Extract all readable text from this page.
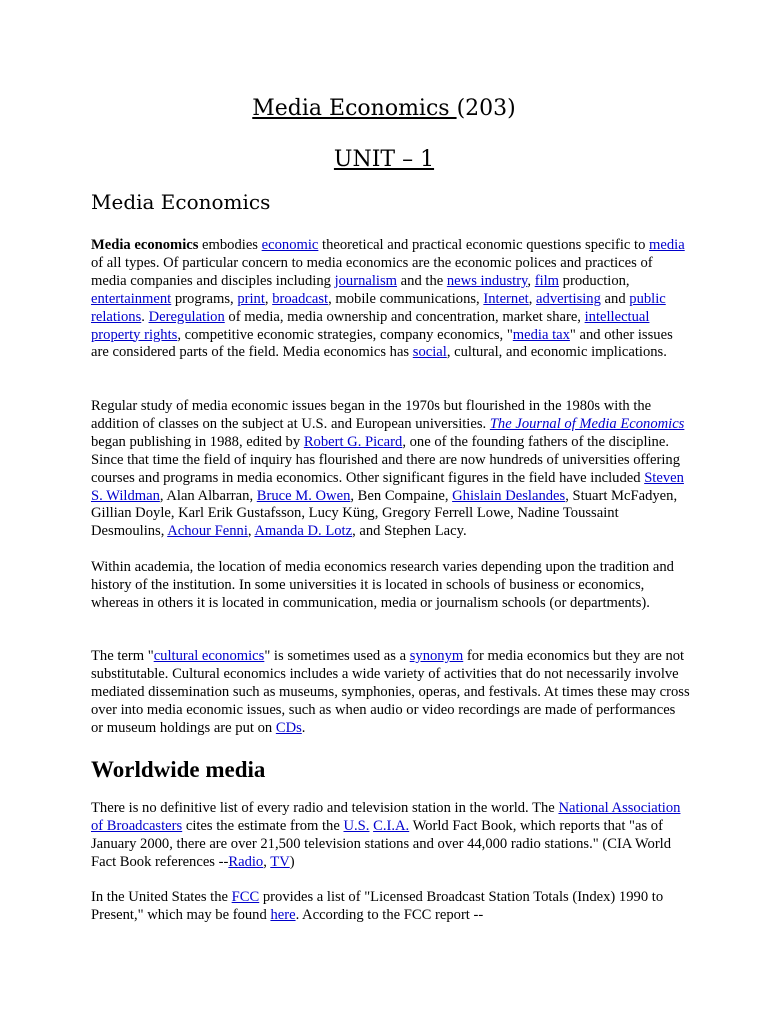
Media Economics (203)
UNIT – 1
Media Economics

Media economics embodies economic theoretical and practical economic questions specific to media of all types. Of particular concern to media economics are the economic polices and practices of media companies and disciples including journalism and the news industry, film production, entertainment programs, print, broadcast, mobile communications, Internet, advertising and public relations. Deregulation of media, media ownership and concentration, market share, intellectual property rights, competitive economic strategies, company economics, "media tax" and other issues are considered parts of the field. Media economics has social, cultural, and economic implications.

Regular study of media economic issues began in the 1970s but flourished in the 1980s with the addition of classes on the subject at U.S. and European universities. The Journal of Media Economics began publishing in 1988, edited by Robert G. Picard, one of the founding fathers of the discipline. Since that time the field of inquiry has flourished and there are now hundreds of universities offering courses and programs in media economics. Other significant figures in the field have included Steven S. Wildman, Alan Albarran, Bruce M. Owen, Ben Compaine, Ghislain Deslandes, Stuart McFadyen, Gillian Doyle, Karl Erik Gustafsson, Lucy Küng, Gregory Ferrell Lowe, Nadine Toussaint Desmoulins, Achour Fenni, Amanda D. Lotz, and Stephen Lacy.

Within academia, the location of media economics research varies depending upon the tradition and history of the institution. In some universities it is located in schools of business or economics, whereas in others it is located in communication, media or journalism schools (or departments).

The term "cultural economics" is sometimes used as a synonym for media economics but they are not substitutable. Cultural economics includes a wide variety of activities that do not necessarily involve mediated dissemination such as museums, symphonies, operas, and festivals. At times these may cross over into media economic issues, such as when audio or video recordings are made of performances or museum holdings are put on CDs.

Worldwide media

There is no definitive list of every radio and television station in the world. The National Association of Broadcasters cites the estimate from the U.S. C.I.A. World Fact Book, which reports that "as of January 2000, there are over 21,500 television stations and over 44,000 radio stations." (CIA World Fact Book references --Radio, TV)

In the United States the FCC provides a list of "Licensed Broadcast Station Totals (Index) 1990 to Present," which may be found here. According to the FCC report --
